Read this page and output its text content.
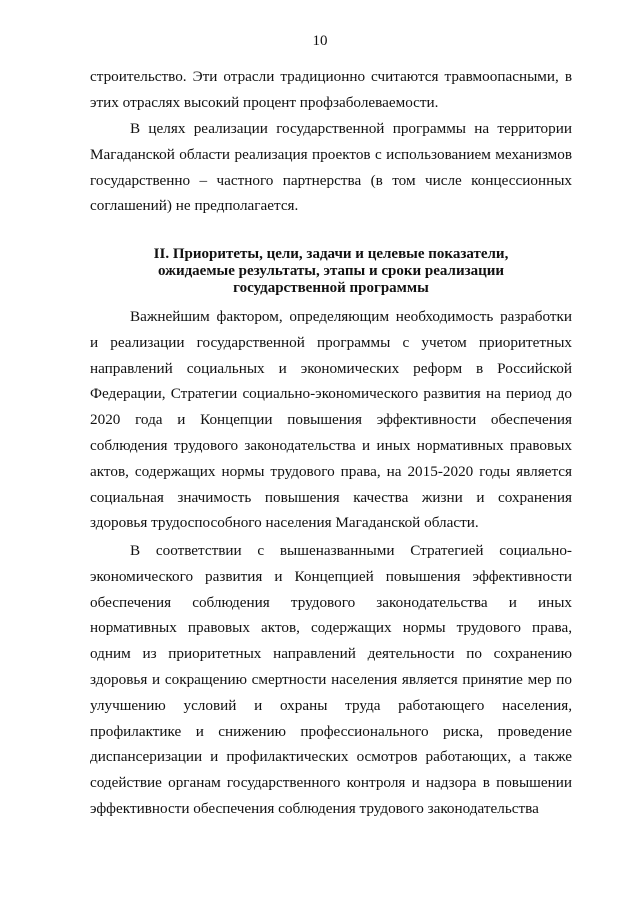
10

строительство. Эти отрасли традиционно считаются травмоопасными, в этих отраслях высокий процент профзаболеваемости.

В целях реализации государственной программы на территории Магаданской области реализация проектов с использованием механизмов государственно – частного партнерства (в том числе концессионных соглашений) не предполагается.

II. Приоритеты, цели, задачи и целевые показатели,
ожидаемые результаты, этапы и сроки реализации
государственной программы

Важнейшим фактором, определяющим необходимость разработки и реализации государственной программы с учетом приоритетных направлений социальных и экономических реформ в Российской Федерации, Стратегии социально-экономического развития на период до 2020 года и Концепции повышения эффективности обеспечения соблюдения трудового законодательства и иных нормативных правовых актов, содержащих нормы трудового права, на 2015-2020 годы является социальная значимость повышения качества жизни и сохранения здоровья трудоспособного населения Магаданской области.

В соответствии с вышеназванными Стратегией социально-экономического развития и Концепцией повышения эффективности обеспечения соблюдения трудового законодательства и иных нормативных правовых актов, содержащих нормы трудового права, одним из приоритетных направлений деятельности по сохранению здоровья и сокращению смертности населения является принятие мер по улучшению условий и охраны труда работающего населения, профилактике и снижению профессионального риска, проведение диспансеризации и профилактических осмотров работающих, а также содействие органам государственного контроля и надзора в повышении эффективности обеспечения соблюдения трудового законодательства
